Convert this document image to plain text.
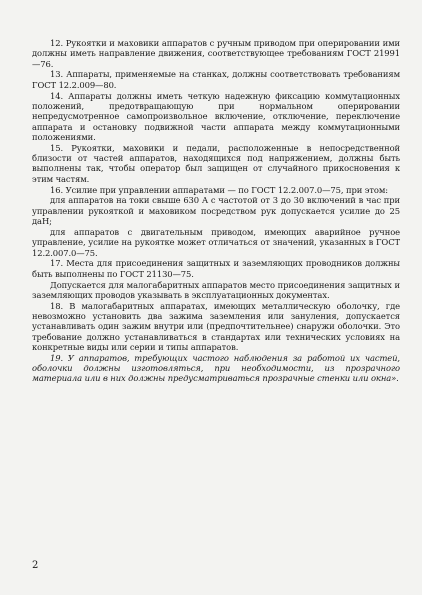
12. Рукоятки и маховики аппаратов с ручным приводом при оперировании ими должны иметь направление движения, соответствующее требованиям ГОСТ 21991—76.

13. Аппараты, применяемые на станках, должны соответствовать требованиям ГОСТ 12.2.009—80.

14. Аппараты должны иметь четкую надежную фиксацию коммутационных положений, предотвращающую при нормальном оперировании непредусмотренное самопроизвольное включение, отключение, переключение аппарата и остановку подвижной части аппарата между коммутационными положениями.

15. Рукоятки, маховики и педали, расположенные в непосредственной близости от частей аппаратов, находящихся под напряжением, должны быть выполнены так, чтобы оператор был защищен от случайного прикосновения к этим частям.

16. Усилие при управлении аппаратами — по ГОСТ 12.2.007.0—75, при этом:

для аппаратов на токи свыше 630 А с частотой от 3 до 30 включений в час при управлении рукояткой и маховиком посредством рук допускается усилие до 25 даН;

для аппаратов с двигательным приводом, имеющих аварийное ручное управление, усилие на рукоятке может отличаться от значений, указанных в ГОСТ 12.2.007.0—75.

17. Места для присоединения защитных и заземляющих проводников должны быть выполнены по ГОСТ 21130—75.

Допускается для малогабаритных аппаратов место присоединения защитных и заземляющих проводов указывать в эксплуатационных документах.

18. В малогабаритных аппаратах, имеющих металлическую оболочку, где невозможно установить два зажима заземления или зануления, допускается устанавливать один зажим внутри или (предпочтительнее) снаружи оболочки. Это требование должно устанавливаться в стандартах или технических условиях на конкретные виды или серии и типы аппаратов.

19. У аппаратов, требующих частого наблюдения за работой их частей, оболочки должны изготовляться, при необходимости, из прозрачного материала или в них должны предусматриваться прозрачные стенки или окна».

2
